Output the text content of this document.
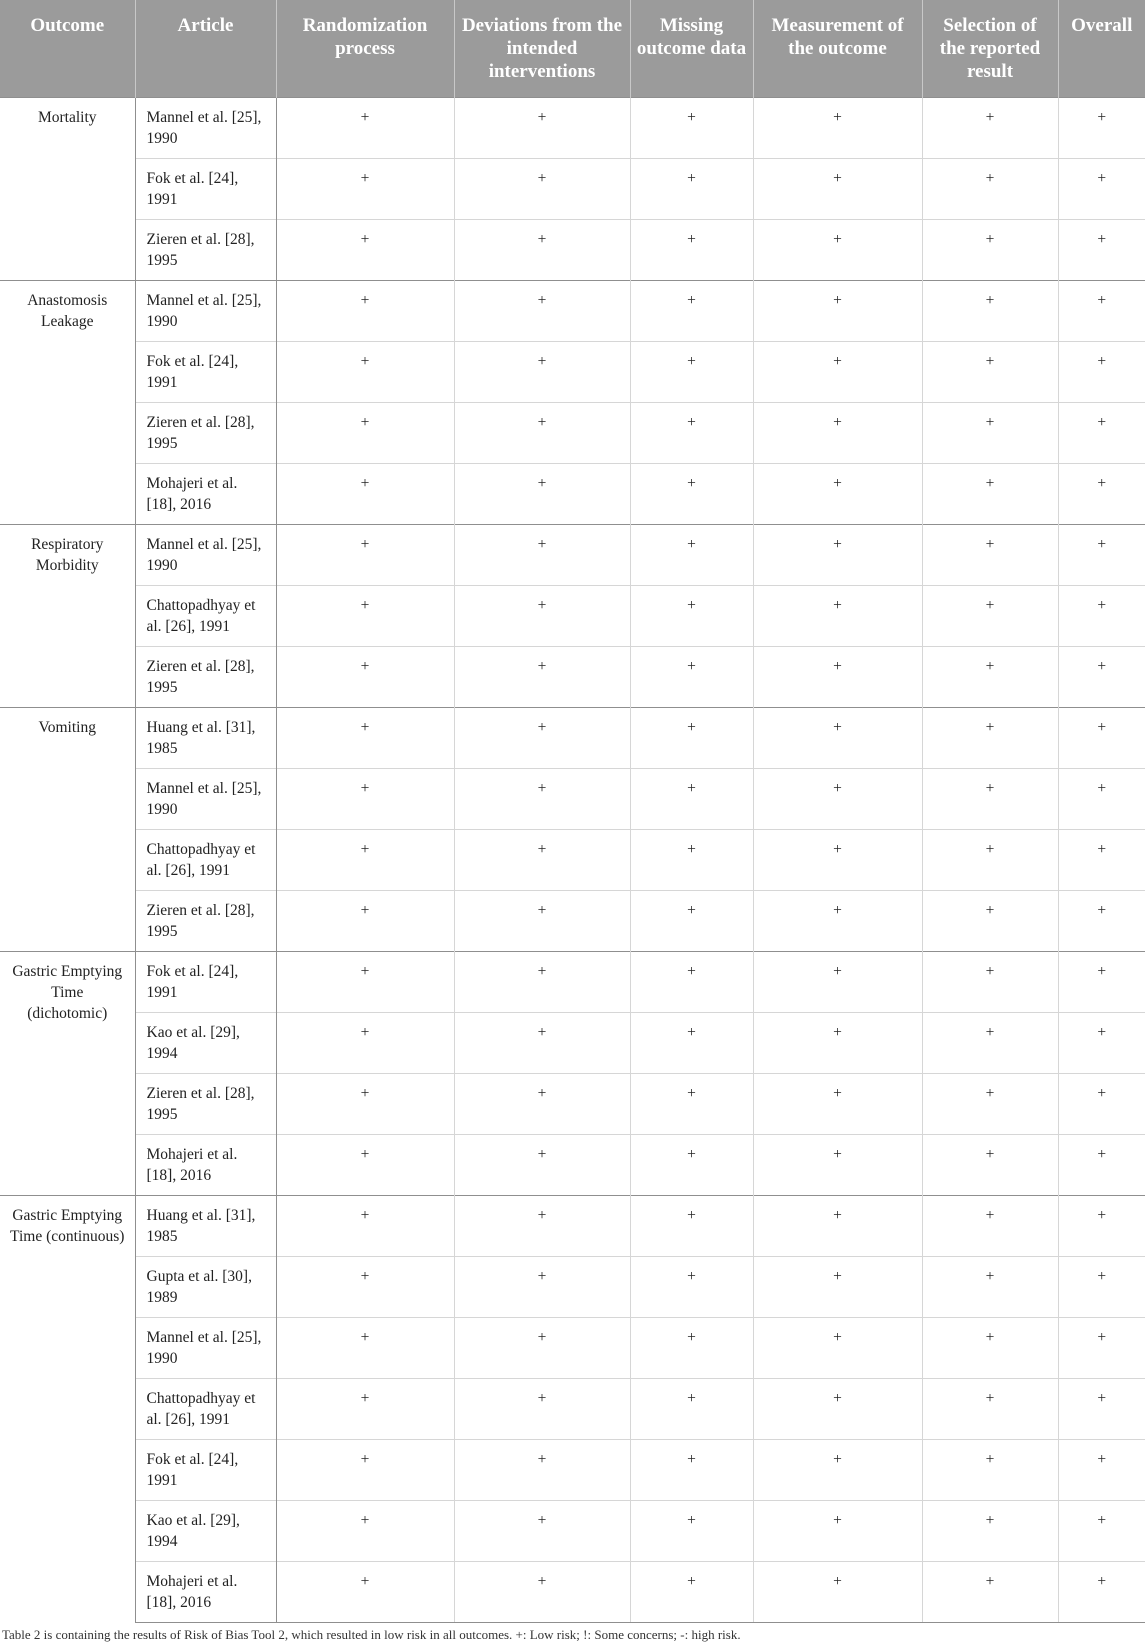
Outcome	Article	Randomization process	Deviations from the intended interventions	Missing outcome data	Measurement of the outcome	Selection of the reported result	Overall
Mortality	Mannel et al. [25], 1990	+	+	+	+	+	+
	Fok et al. [24], 1991	+	+	+	+	+	+
	Zieren et al. [28], 1995	+	+	+	+	+	+
Anastomosis Leakage	Mannel et al. [25], 1990	+	+	+	+	+	+
	Fok et al. [24], 1991	+	+	+	+	+	+
	Zieren et al. [28], 1995	+	+	+	+	+	+
	Mohajeri et al. [18], 2016	+	+	+	+	+	+
Respiratory Morbidity	Mannel et al. [25], 1990	+	+	+	+	+	+
	Chattopadhyay et al. [26], 1991	+	+	+	+	+	+
	Zieren et al. [28], 1995	+	+	+	+	+	+
Vomiting	Huang et al. [31], 1985	+	+	+	+	+	+
	Mannel et al. [25], 1990	+	+	+	+	+	+
	Chattopadhyay et al. [26], 1991	+	+	+	+	+	+
	Zieren et al. [28], 1995	+	+	+	+	+	+
Gastric Emptying Time (dichotomic)	Fok et al. [24], 1991	+	+	+	+	+	+
	Kao et al. [29], 1994	+	+	+	+	+	+
	Zieren et al. [28], 1995	+	+	+	+	+	+
	Mohajeri et al. [18], 2016	+	+	+	+	+	+
Gastric Emptying Time (continuous)	Huang et al. [31], 1985	+	+	+	+	+	+
	Gupta et al. [30], 1989	+	+	+	+	+	+
	Mannel et al. [25], 1990	+	+	+	+	+	+
	Chattopadhyay et al. [26], 1991	+	+	+	+	+	+
	Fok et al. [24], 1991	+	+	+	+	+	+
	Kao et al. [29], 1994	+	+	+	+	+	+
	Mohajeri et al. [18], 2016	+	+	+	+	+	+
Table 2 is containing the results of Risk of Bias Tool 2, which resulted in low risk in all outcomes. +: Low risk; !: Some concerns; -: high risk.
